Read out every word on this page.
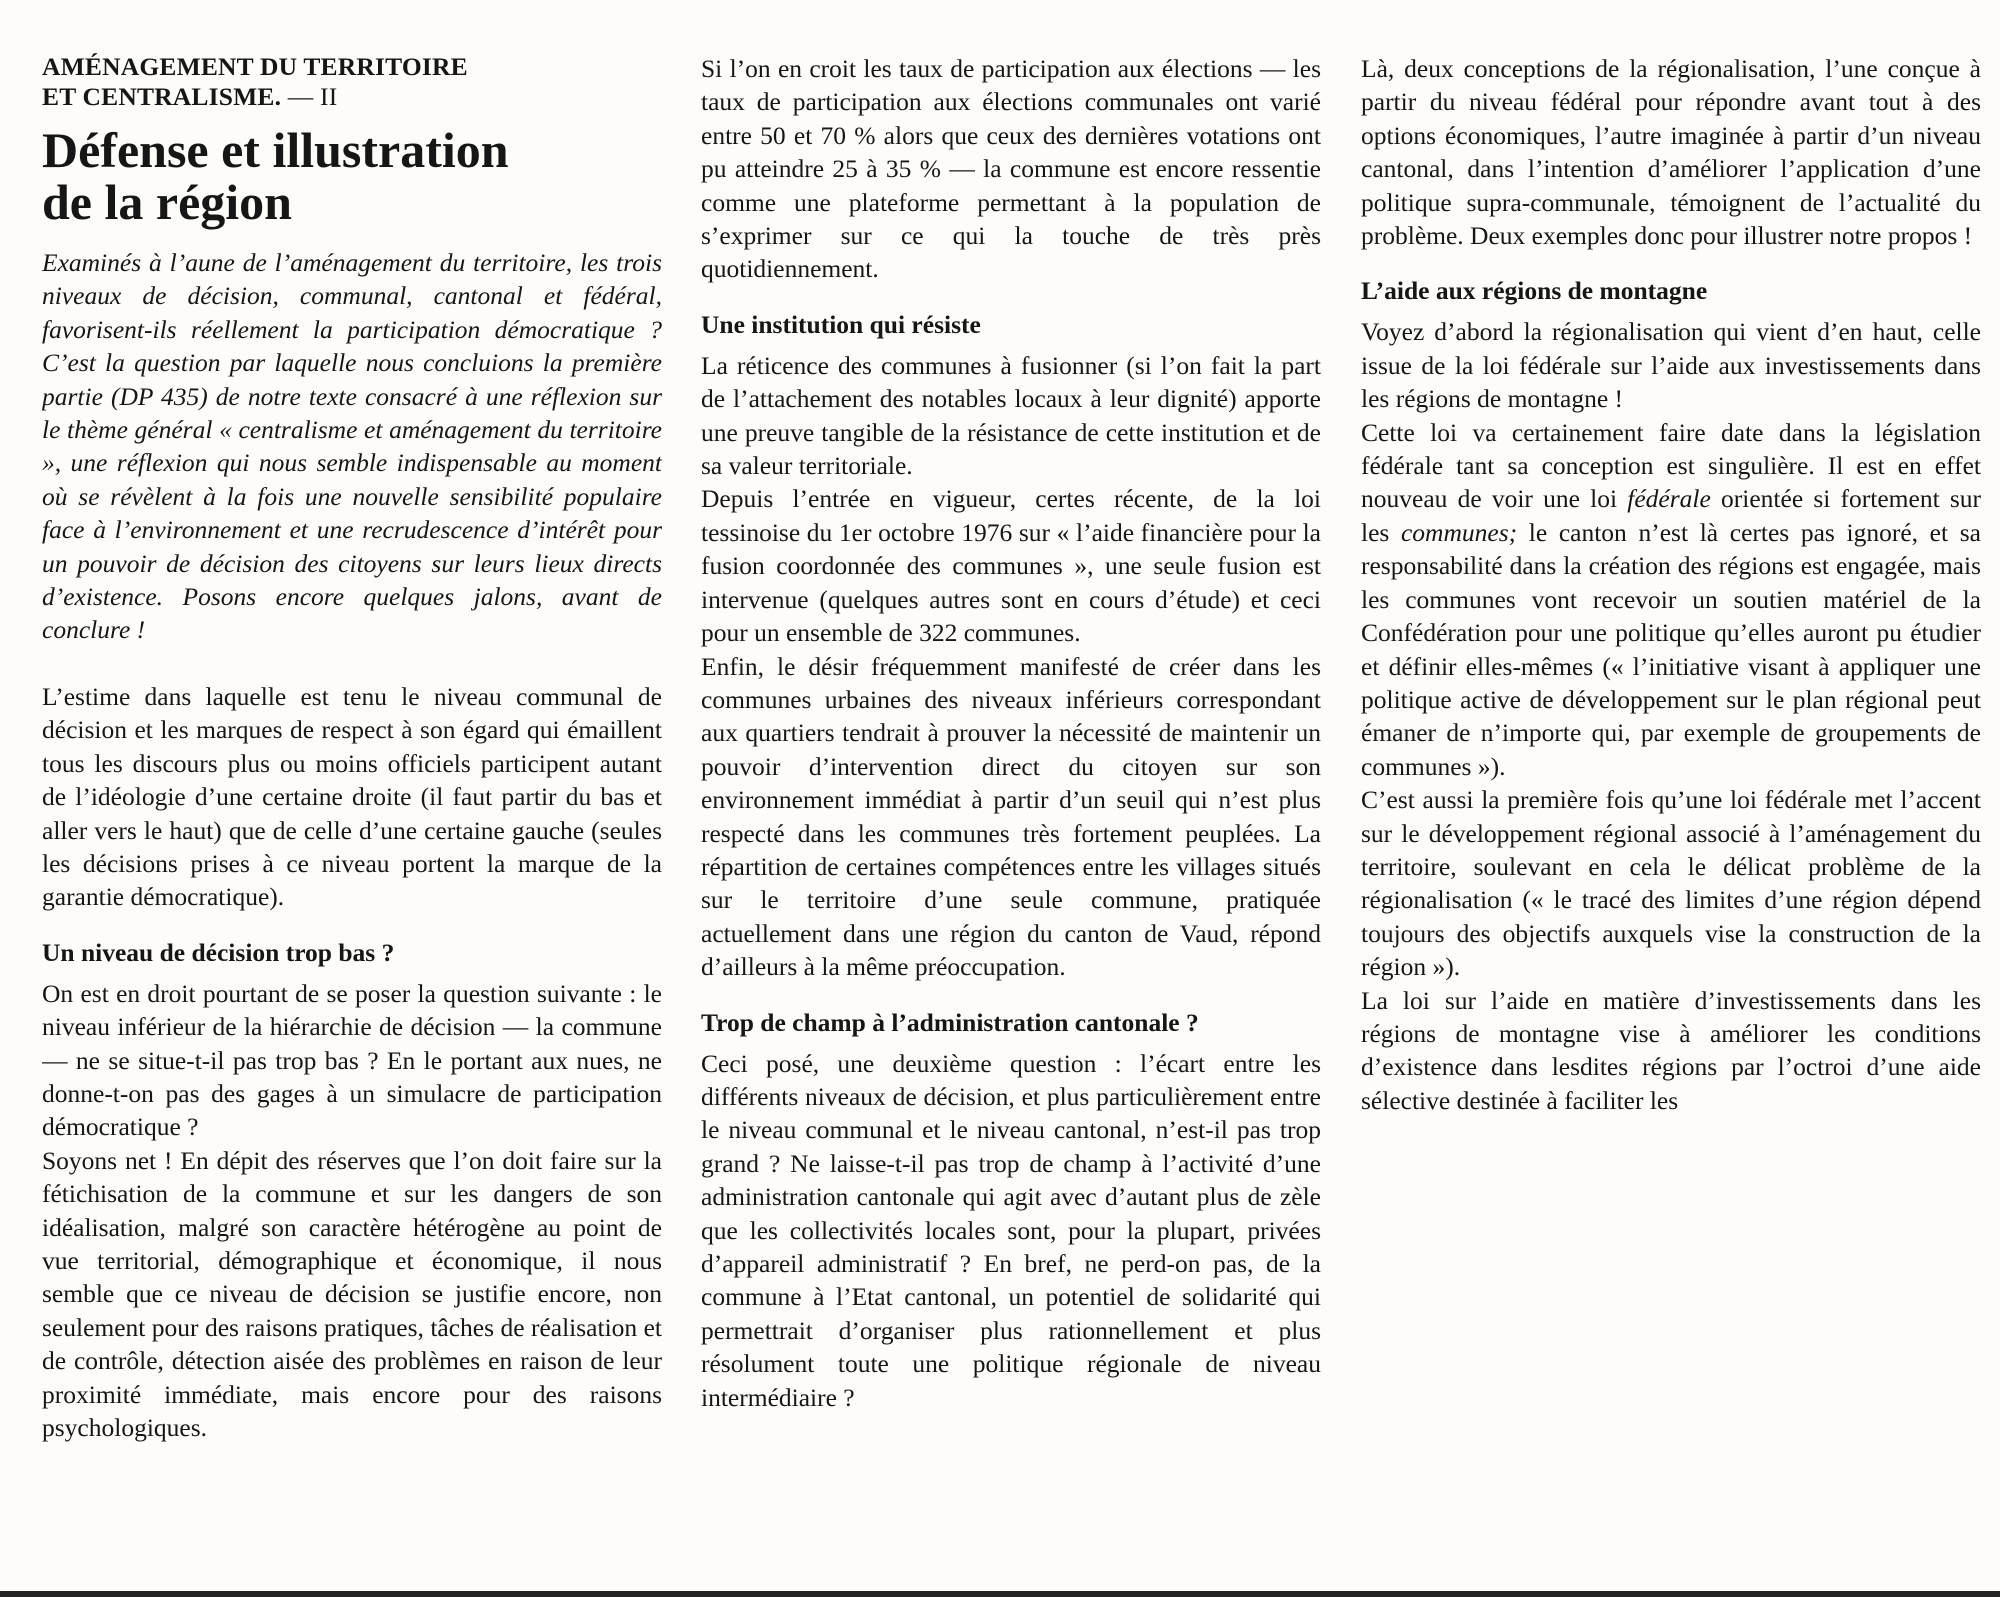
AMÉNAGEMENT DU TERRITOIRE
ET CENTRALISME. — II
Défense et illustration
de la région

Examinés à l’aune de l’aménagement du territoire, les trois niveaux de décision, communal, cantonal et fédéral, favorisent-ils réellement la participation démocratique ? C’est la question par laquelle nous concluions la première partie (DP 435) de notre texte consacré à une réflexion sur le thème général « centralisme et aménagement du territoire », une réflexion qui nous semble indispensable au moment où se révèlent à la fois une nouvelle sensibilité populaire face à l’environnement et une recrudescence d’intérêt pour un pouvoir de décision des citoyens sur leurs lieux directs d’existence. Posons encore quelques jalons, avant de conclure !

L’estime dans laquelle est tenu le niveau communal de décision et les marques de respect à son égard qui émaillent tous les discours plus ou moins officiels participent autant de l’idéologie d’une certaine droite (il faut partir du bas et aller vers le haut) que de celle d’une certaine gauche (seules les décisions prises à ce niveau portent la marque de la garantie démocratique).

Un niveau de décision trop bas ?

On est en droit pourtant de se poser la question suivante : le niveau inférieur de la hiérarchie de décision — la commune — ne se situe-t-il pas trop bas ? En le portant aux nues, ne donne-t-on pas des gages à un simulacre de participation démocratique ?

Soyons net ! En dépit des réserves que l’on doit faire sur la fétichisation de la commune et sur les dangers de son idéalisation, malgré son caractère hétérogène au point de vue territorial, démographique et économique, il nous semble que ce niveau de décision se justifie encore, non seulement pour des raisons pratiques, tâches de réalisation et de contrôle, détection aisée des problèmes en raison de leur proximité immédiate, mais encore pour des raisons psychologiques.

Si l’on en croit les taux de participation aux élections — les taux de participation aux élections communales ont varié entre 50 et 70 % alors que ceux des dernières votations ont pu atteindre 25 à 35 % — la commune est encore ressentie comme une plateforme permettant à la population de s’exprimer sur ce qui la touche de très près quotidiennement.

Une institution qui résiste

La réticence des communes à fusionner (si l’on fait la part de l’attachement des notables locaux à leur dignité) apporte une preuve tangible de la résistance de cette institution et de sa valeur territoriale.

Depuis l’entrée en vigueur, certes récente, de la loi tessinoise du 1er octobre 1976 sur « l’aide financière pour la fusion coordonnée des communes », une seule fusion est intervenue (quelques autres sont en cours d’étude) et ceci pour un ensemble de 322 communes.

Enfin, le désir fréquemment manifesté de créer dans les communes urbaines des niveaux inférieurs correspondant aux quartiers tendrait à prouver la nécessité de maintenir un pouvoir d’intervention direct du citoyen sur son environnement immédiat à partir d’un seuil qui n’est plus respecté dans les communes très fortement peuplées. La répartition de certaines compétences entre les villages situés sur le territoire d’une seule commune, pratiquée actuellement dans une région du canton de Vaud, répond d’ailleurs à la même préoccupation.

Trop de champ à l’administration cantonale ?

Ceci posé, une deuxième question : l’écart entre les différents niveaux de décision, et plus particulièrement entre le niveau communal et le niveau cantonal, n’est-il pas trop grand ? Ne laisse-t-il pas trop de champ à l’activité d’une administration cantonale qui agit avec d’autant plus de zèle que les collectivités locales sont, pour la plupart, privées d’appareil administratif ? En bref, ne perd-on pas, de la commune à l’Etat cantonal, un potentiel de solidarité qui permettrait d’organiser plus rationnellement et plus résolument toute une politique régionale de niveau intermédiaire ?

Là, deux conceptions de la régionalisation, l’une conçue à partir du niveau fédéral pour répondre avant tout à des options économiques, l’autre imaginée à partir d’un niveau cantonal, dans l’intention d’améliorer l’application d’une politique supra-communale, témoignent de l’actualité du problème. Deux exemples donc pour illustrer notre propos !

L’aide aux régions de montagne

Voyez d’abord la régionalisation qui vient d’en haut, celle issue de la loi fédérale sur l’aide aux investissements dans les régions de montagne !

Cette loi va certainement faire date dans la législation fédérale tant sa conception est singulière. Il est en effet nouveau de voir une loi fédérale orientée si fortement sur les communes; le canton n’est là certes pas ignoré, et sa responsabilité dans la création des régions est engagée, mais les communes vont recevoir un soutien matériel de la Confédération pour une politique qu’elles auront pu étudier et définir elles-mêmes (« l’initiative visant à appliquer une politique active de développement sur le plan régional peut émaner de n’importe qui, par exemple de groupements de communes »).

C’est aussi la première fois qu’une loi fédérale met l’accent sur le développement régional associé à l’aménagement du territoire, soulevant en cela le délicat problème de la régionalisation (« le tracé des limites d’une région dépend toujours des objectifs auxquels vise la construction de la région »).

La loi sur l’aide en matière d’investissements dans les régions de montagne vise à améliorer les conditions d’existence dans lesdites régions par l’octroi d’une aide sélective destinée à faciliter les
